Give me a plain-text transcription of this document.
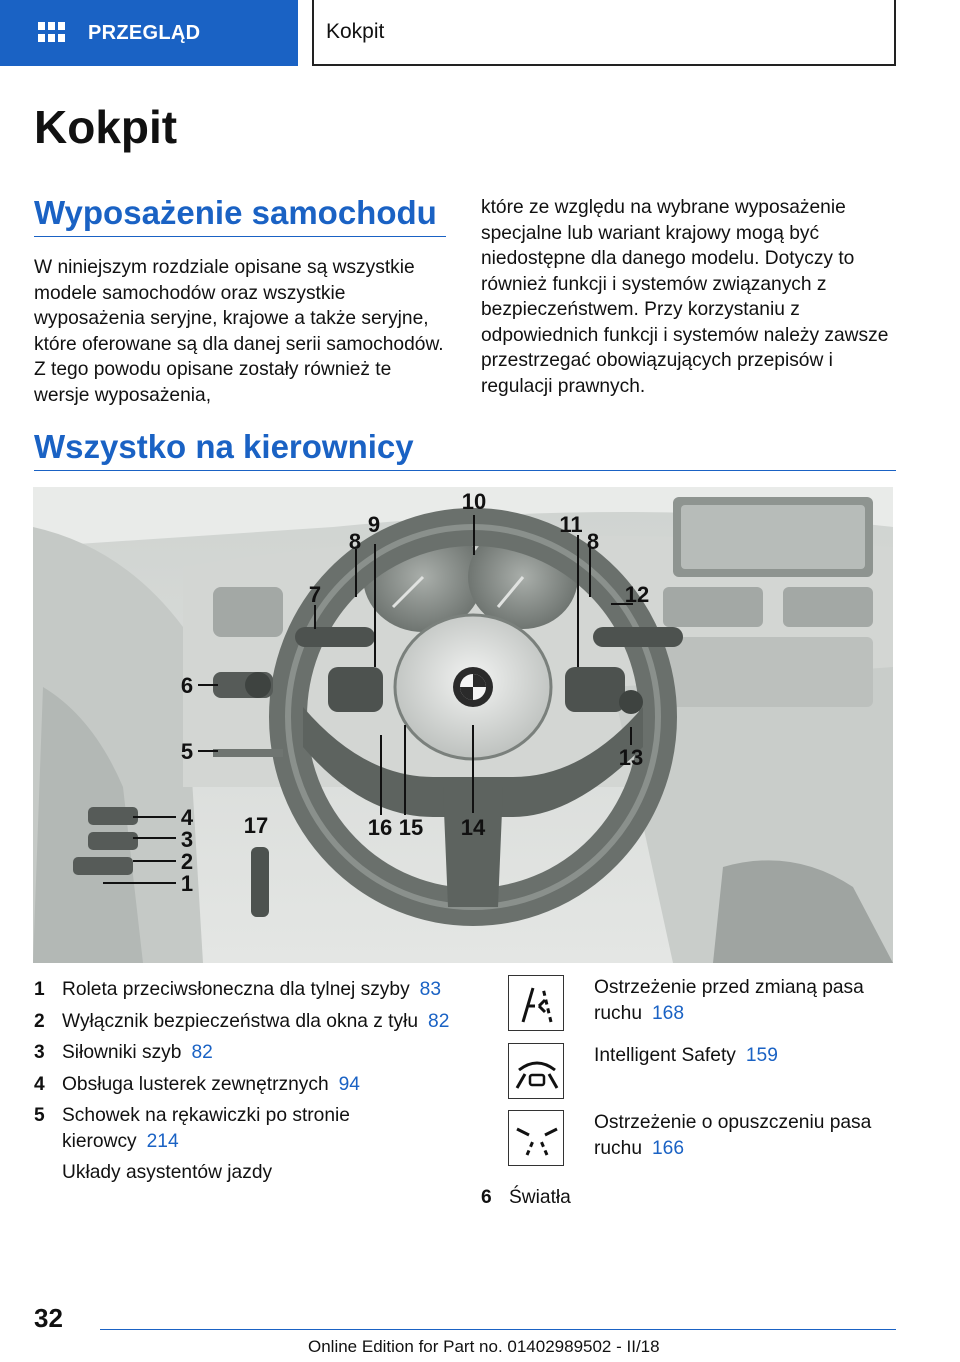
PRZEGLĄD	Kokpit
Kokpit
Wyposażenie samochodu

W niniejszym rozdziale opisane są wszystkie modele samochodów oraz wszystkie wyposażenia seryjne, krajowe a także seryjne, które oferowane są dla danej serii samochodów. Z tego powodu opisane zostały również te wersje wyposażenia,

które ze względu na wybrane wyposażenie specjalne lub wariant krajowy mogą być niedostępne dla danego modelu. Dotyczy to również funkcji i systemów związanych z bezpieczeństwem. Przy korzystaniu z odpowiednich funkcji i systemów należy zawsze przestrzegać obowiązujących przepisów i regulacji prawnych.

Wszystko na kierownicy
10
9
8
11
8
7	12
13
14
15
16
17
6
5
4
3
2
1
1 Roleta przeciwsłoneczna dla tylnej szyby 83
2 Wyłącznik bezpieczeństwa dla okna z tyłu 82
3 Siłowniki szyb 82
4 Obsługa lusterek zewnętrznych 94
5 Schowek na rękawiczki po stronie kierowcy 214
Układy asystentów jazdy
Ostrzeżenie przed zmianą pasa ruchu 168
Intelligent Safety 159
Ostrzeżenie o opuszczeniu pasa ruchu 166
6 Światła
32
Online Edition for Part no. 01402989502 - II/18
